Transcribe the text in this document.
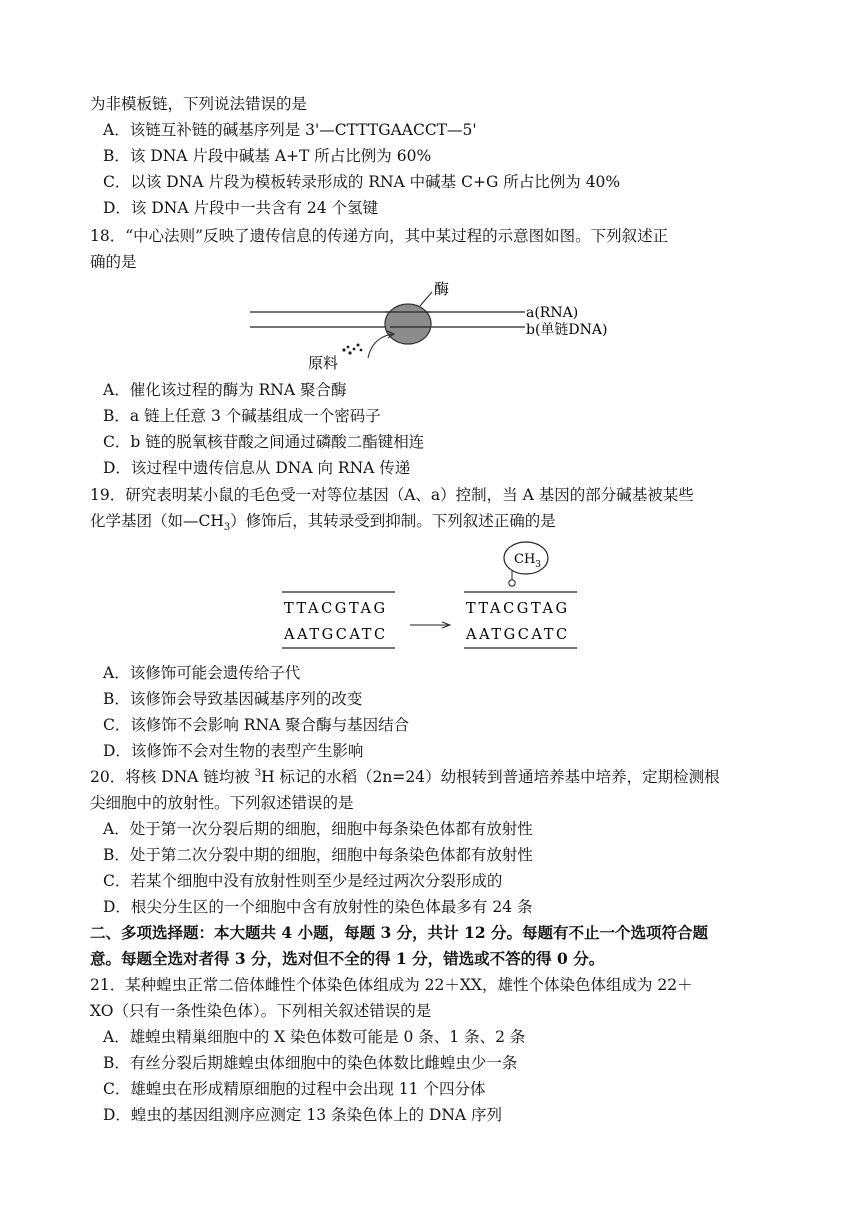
为非模板链，下列说法错误的是
A．该链互补链的碱基序列是 3'—CTTTGAACCT—5'
B．该 DNA 片段中碱基 A+T 所占比例为 60%
C．以该 DNA 片段为模板转录形成的 RNA 中碱基 C+G 所占比例为 40%
D．该 DNA 片段中一共含有 24 个氢键
18．“中心法则”反映了遗传信息的传递方向，其中某过程的示意图如图。下列叙述正
确的是
酶
a(RNA)
b(单链DNA)
原料
A．催化该过程的酶为 RNA 聚合酶
B．a 链上任意 3 个碱基组成一个密码子
C．b 链的脱氧核苷酸之间通过磷酸二酯键相连
D．该过程中遗传信息从 DNA 向 RNA 传递
19．研究表明某小鼠的毛色受一对等位基因（A、a）控制，当 A 基因的部分碱基被某些
化学基团（如$—CH_3$）修饰后，其转录受到抑制。下列叙述正确的是
$CH_3$
TTACGTAG
AATGCATC
TTACGTAG
AATGCATC
A．该修饰可能会遗传给子代
B．该修饰会导致基因碱基序列的改变
C．该修饰不会影响 RNA 聚合酶与基因结合
D．该修饰不会对生物的表型产生影响
20．将核 DNA 链均被 $^3$H 标记的水稻（2n=24）幼根转到普通培养基中培养，定期检测根
尖细胞中的放射性。下列叙述错误的是
A．处于第一次分裂后期的细胞，细胞中每条染色体都有放射性
B．处于第二次分裂中期的细胞，细胞中每条染色体都有放射性
C．若某个细胞中没有放射性则至少是经过两次分裂形成的
D．根尖分生区的一个细胞中含有放射性的染色体最多有 24 条
二、多项选择题：本大题共 4 小题，每题 3 分，共计 12 分。每题有不止一个选项符合题
意。每题全选对者得 3 分，选对但不全的得 1 分，错选或不答的得 0 分。
21．某种蝗虫正常二倍体雌性个体染色体组成为 22＋XX，雄性个体染色体组成为 22＋
XO（只有一条性染色体）。下列相关叙述错误的是
A．雄蝗虫精巢细胞中的 X 染色体数可能是 0 条、1 条、2 条
B．有丝分裂后期雄蝗虫体细胞中的染色体数比雌蝗虫少一条
C．雄蝗虫在形成精原细胞的过程中会出现 11 个四分体
D．蝗虫的基因组测序应测定 13 条染色体上的 DNA 序列
